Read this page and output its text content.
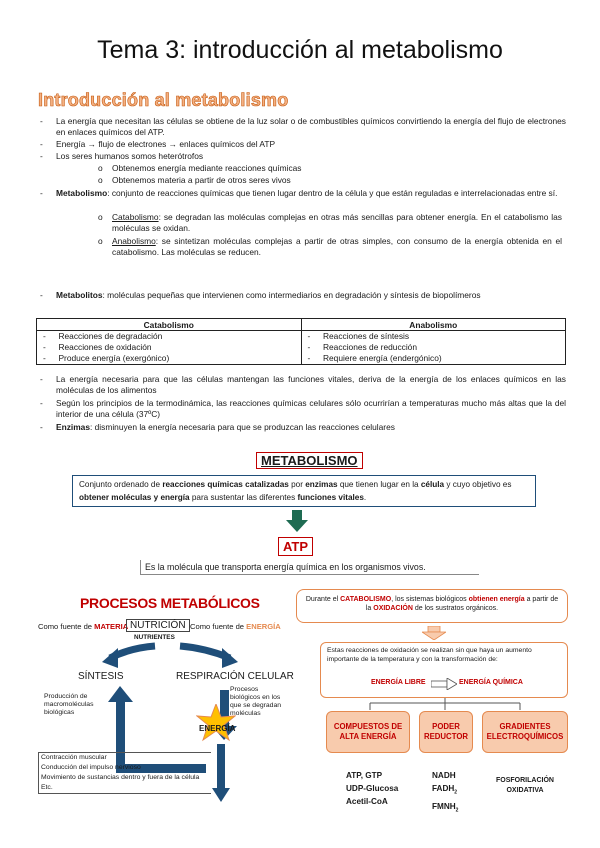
Tema 3: introducción al metabolismo
Introducción al metabolismo
- La energía que necesitan las células se obtiene de la luz solar o de combustibles químicos convirtiendo la energía del flujo de electrones en enlaces químicos del ATP.
- Energía → flujo de electrones → enlaces químicos del ATP
- Los seres humanos somos heterótrofos
o Obtenemos energía mediante reacciones químicas
o Obtenemos materia a partir de otros seres vivos
- Metabolismo: conjunto de reacciones químicas que tienen lugar dentro de la célula y que están reguladas e interrelacionadas entre sí.
o Catabolismo: se degradan las moléculas complejas en otras más sencillas para obtener energía. En el catabolismo las moléculas se oxidan.
o Anabolismo: se sintetizan moléculas complejas a partir de otras simples, con consumo de la energía obtenida en el catabolismo. Las moléculas se reducen.
- Metabolitos: moléculas pequeñas que intervienen como intermediarios en degradación y síntesis de biopolímeros
Catabolismo	Anabolismo
- Reacciones de degradación	- Reacciones de síntesis
- Reacciones de oxidación	- Reacciones de reducción
- Produce energía (exergónico)	- Requiere energía (endergónico)
- La energía necesaria para que las células mantengan las funciones vitales, deriva de la energía de los enlaces químicos en las moléculas de los alimentos
- Según los principios de la termodinámica, las reacciones químicas celulares sólo ocurrirían a temperaturas mucho más altas que la del interior de una célula (37ºC)
- Enzimas: disminuyen la energía necesaria para que se produzcan las reacciones celulares
METABOLISMO
Conjunto ordenado de reacciones químicas catalizadas por enzimas que tienen lugar en la célula y cuyo objetivo es obtener moléculas y energía para sustentar las diferentes funciones vitales.
ATP
Es la molécula que transporta energía química en los organismos vivos.
PROCESOS METABÓLICOS
Como fuente de MATERIA NUTRICIÓN Como fuente de ENERGÍA
NUTRIENTES
SÍNTESIS	RESPIRACIÓN CELULAR
Producción de macromoléculas biológicas
Procesos biológicos en los que se degradan moléculas
ENERGÍA
Contracción muscular
Conducción del impulso nervioso
Movimiento de sustancias dentro y fuera de la célula
Etc.
Durante el CATABOLISMO, los sistemas biológicos obtienen energía a partir de la OXIDACIÓN de los sustratos orgánicos.
Estas reacciones de oxidación se realizan sin que haya un aumento importante de la temperatura y con la transformación de:
ENERGÍA LIBRE	ENERGÍA QUÍMICA
COMPUESTOS DE ALTA ENERGÍA
PODER REDUCTOR
GRADIENTES ELECTROQUÍMICOS
ATP, GTP
UDP-Glucosa
Acetil-CoA
NADH
$FADH_2$
$FMNH_2$
FOSFORILACIÓN OXIDATIVA
